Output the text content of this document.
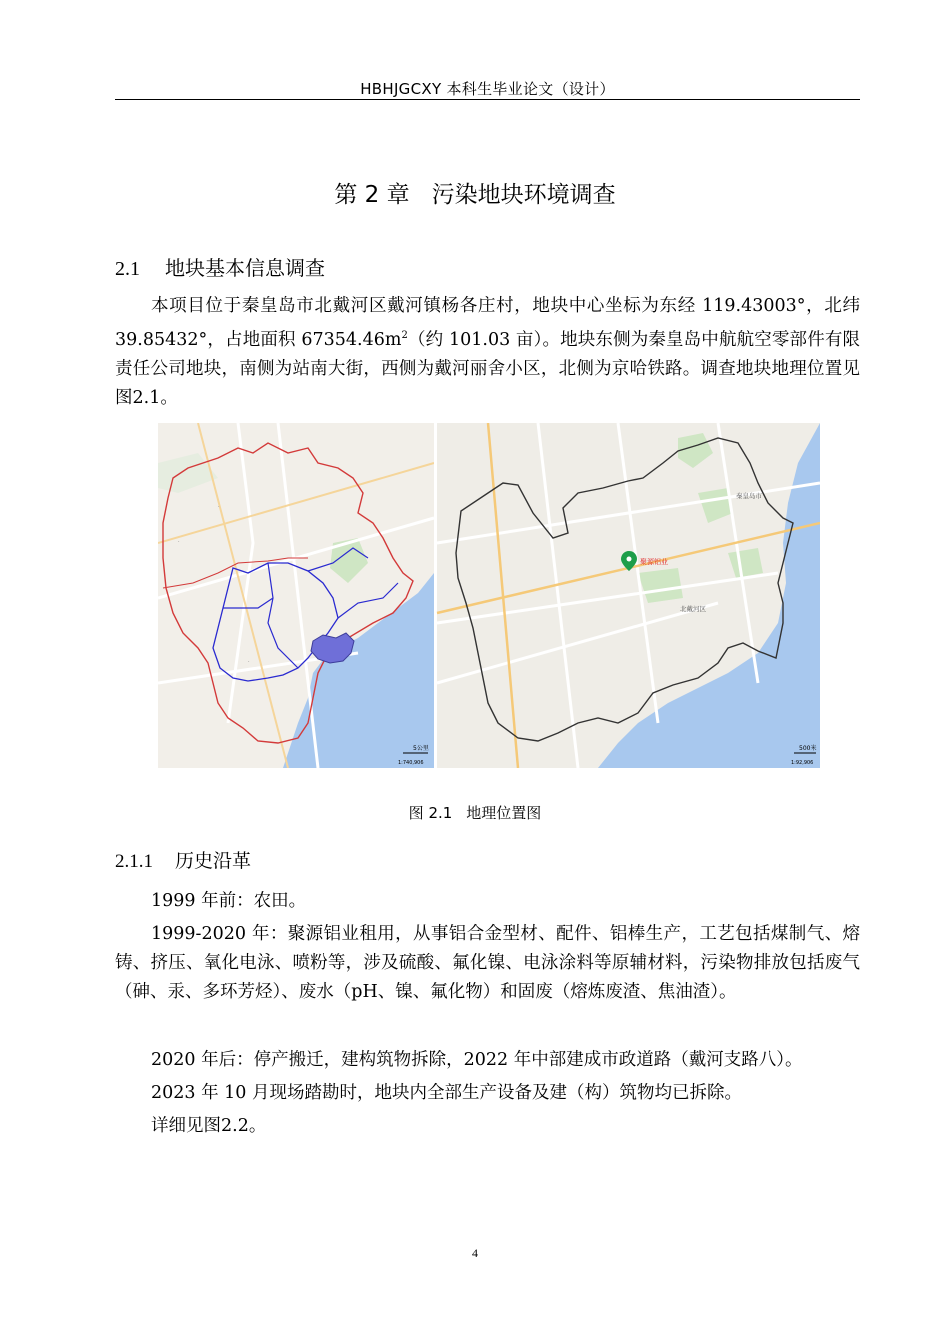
HBHJGCXY 本科生毕业论文（设计）
第 2 章 污染地块环境调查
2.1 地块基本信息调查

本项目位于秦皇岛市北戴河区戴河镇杨各庄村，地块中心坐标为东经 119.43003°，北纬 39.85432°，占地面积 $67354.46m^2$（约 101.03 亩）。地块东侧为秦皇岛中航航空零部件有限责任公司地块，南侧为站南大街，西侧为戴河丽舍小区，北侧为京哈铁路。调查地块地理位置见图2.1。

·
·
·
5公里
1:740,906
聚源铝业
秦皇岛市
北戴河区
500米
1:92,906
图 2.1 地理位置图
2.1.1 历史沿革

1999 年前：农田。

1999-2020 年：聚源铝业租用，从事铝合金型材、配件、铝棒生产，工艺包括煤制气、熔铸、挤压、氧化电泳、喷粉等，涉及硫酸、氟化镍、电泳涂料等原辅材料，污染物排放包括废气（砷、汞、多环芳烃）、废水（pH、镍、氟化物）和固废（熔炼废渣、焦油渣）。

2020 年后：停产搬迁，建构筑物拆除，2022 年中部建成市政道路（戴河支路八）。

2023 年 10 月现场踏勘时，地块内全部生产设备及建（构）筑物均已拆除。

详细见图2.2。

4
